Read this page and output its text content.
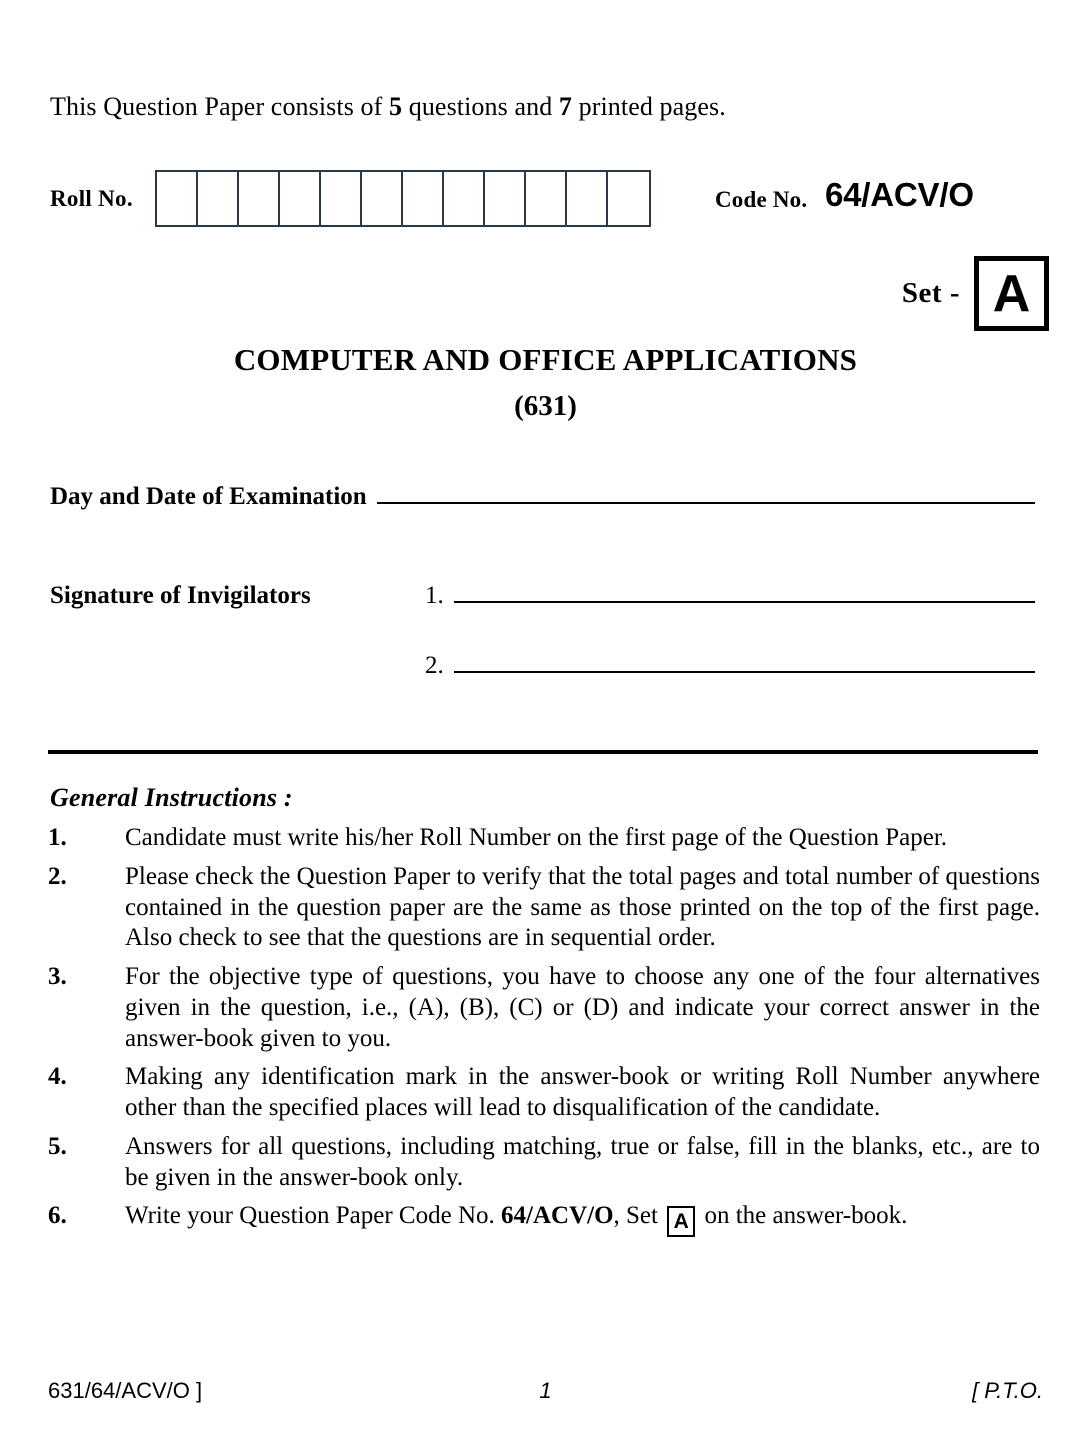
This Question Paper consists of 5 questions and 7 printed pages.
Roll No.	Code No. 64/ACV/O
Set - A
COMPUTER AND OFFICE APPLICATIONS
(631)
Day and Date of Examination
Signature of Invigilators	1.
2.
General Instructions :
1.	Candidate must write his/her Roll Number on the first page of the Question Paper.
2.	Please check the Question Paper to verify that the total pages and total number of questions contained in the question paper are the same as those printed on the top of the first page. Also check to see that the questions are in sequential order.
3.	For the objective type of questions, you have to choose any one of the four alternatives given in the question, i.e., (A), (B), (C) or (D) and indicate your correct answer in the answer-book given to you.
4.	Making any identification mark in the answer-book or writing Roll Number anywhere other than the specified places will lead to disqualification of the candidate.
5.	Answers for all questions, including matching, true or false, fill in the blanks, etc., are to be given in the answer-book only.
6.	Write your Question Paper Code No. 64/ACV/O, Set A on the answer-book.
631/64/ACV/O ]	1	[ P.T.O.
